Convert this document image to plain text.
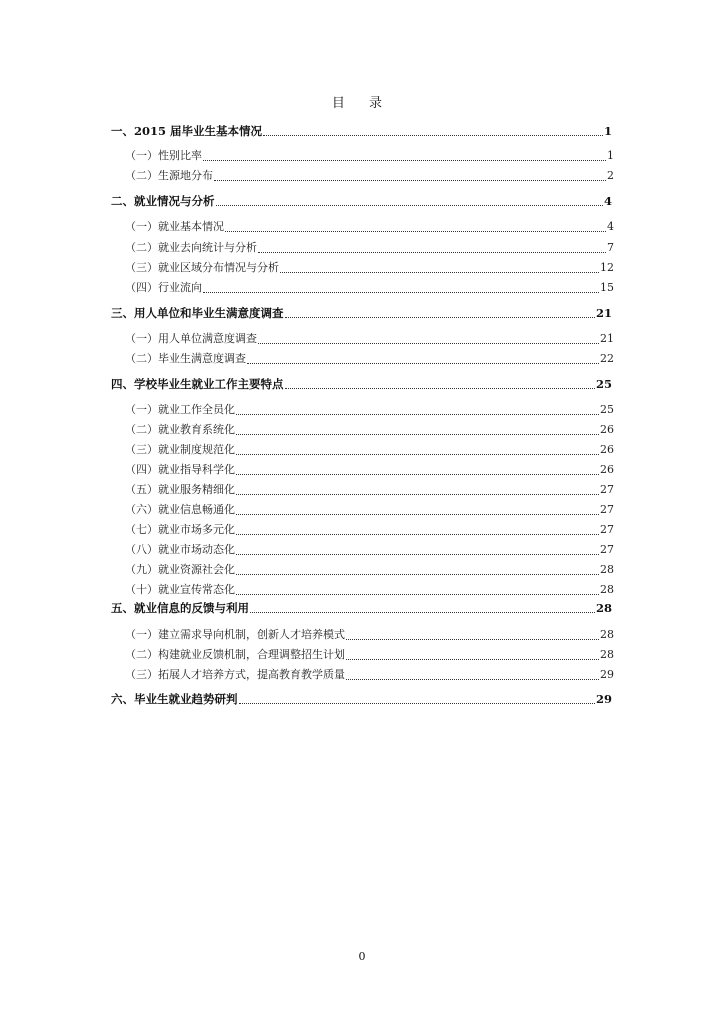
目 录
一、2015 届毕业生基本情况	1
（一）性别比率	1
（二）生源地分布	2
二、就业情况与分析	4
（一）就业基本情况	4
（二）就业去向统计与分析	7
（三）就业区域分布情况与分析	12
（四）行业流向	15
三、用人单位和毕业生满意度调查	21
（一）用人单位满意度调查	21
（二）毕业生满意度调查	22
四、学校毕业生就业工作主要特点	25
（一）就业工作全员化	25
（二）就业教育系统化	26
（三）就业制度规范化	26
（四）就业指导科学化	26
（五）就业服务精细化	27
（六）就业信息畅通化	27
（七）就业市场多元化	27
（八）就业市场动态化	27
（九）就业资源社会化	28
（十）就业宣传常态化	28
五、就业信息的反馈与利用	28
（一）建立需求导向机制，创新人才培养模式	28
（二）构建就业反馈机制，合理调整招生计划	28
（三）拓展人才培养方式，提高教育教学质量	29
六、毕业生就业趋势研判	29
0
